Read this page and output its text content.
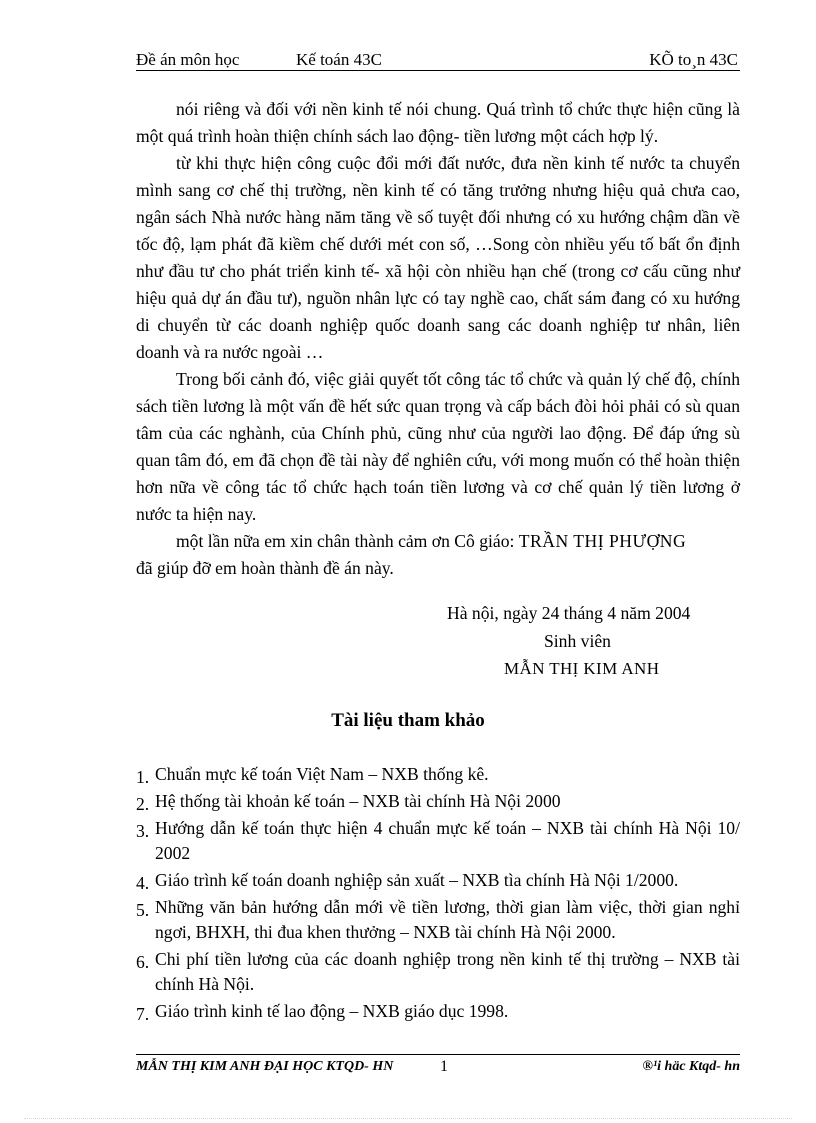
Đề án môn học	Kế toán 43C	KÕ to¸n 43C

nói riêng và đối với nền kinh tế nói chung. Quá trình tổ chức thực hiện cũng là một quá trình hoàn thiện chính sách lao động- tiền lương một cách hợp lý.

từ khi thực hiện công cuộc đổi mới đất nước, đưa nền kinh tế nước ta chuyển mình sang cơ chế thị trường, nền kinh tế có tăng trưởng nhưng hiệu quả chưa cao, ngân sách Nhà nước hàng năm tăng về số tuyệt đối nhưng có xu hướng chậm dần về tốc độ, lạm phát đã kiềm chế dưới mét con số, …Song còn nhiều yếu tố bất ổn định như đầu tư cho phát triển kinh tế- xã hội còn nhiều hạn chế (trong cơ cấu cũng như hiệu quả dự án đầu tư), nguồn nhân lực có tay nghề cao, chất sám đang có xu hướng di chuyển từ các doanh nghiệp quốc doanh sang các doanh nghiệp tư nhân, liên doanh và ra nước ngoài …

Trong bối cảnh đó, việc giải quyết tốt công tác tổ chức và quản lý chế độ, chính sách tiền lương là một vấn đề hết sức quan trọng và cấp bách đòi hỏi phải có sù quan tâm của các nghành, của Chính phủ, cũng như của người lao động. Để đáp ứng sù quan tâm đó, em đã chọn đề tài này để nghiên cứu, với mong muốn có thể hoàn thiện hơn nữa về công tác tổ chức hạch toán tiền lương và cơ chế quản lý tiền lương ở nước ta hiện nay.

một lần nữa em xin chân thành cảm ơn Cô giáo: TRẦN THỊ PHƯỢNG

đã giúp đỡ em hoàn thành đề án này.

Hà nội, ngày 24 tháng 4 năm 2004
Sinh viên
MẪN THỊ KIM ANH
Tài liệu tham khảo
1. Chuẩn mực kế toán Việt Nam – NXB thống kê.
2. Hệ thống tài khoản kế toán – NXB tài chính Hà Nội 2000
3. Hướng dẫn kế toán thực hiện 4 chuẩn mực kế toán – NXB tài chính Hà Nội 10/ 2002
4. Giáo trình kế toán doanh nghiệp sản xuất – NXB tìa chính Hà Nội 1/2000.
5. Những văn bản hướng dẫn mới về tiền lương, thời gian làm việc, thời gian nghỉ ngơi, BHXH, thi đua khen thưởng – NXB tài chính Hà Nội 2000.
6. Chi phí tiền lương của các doanh nghiệp trong nền kinh tế thị trường – NXB tài chính Hà Nội.
7. Giáo trình kinh tế lao động – NXB giáo dục 1998.
MẪN THỊ KIM ANH ĐẠI HỌC KTQD- HN	1	®¹i häc Ktqd- hn
